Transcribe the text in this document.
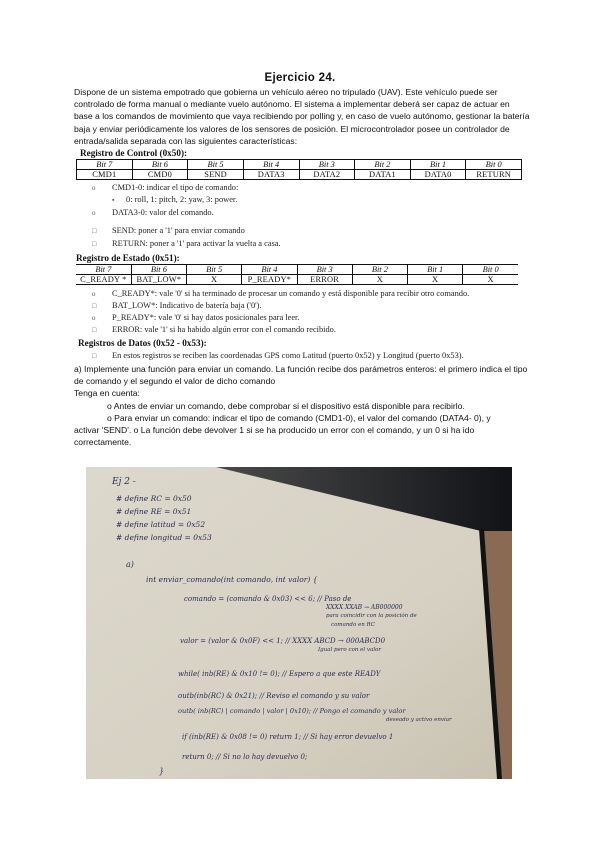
Ejercicio 24.
Dispone de un sistema empotrado que gobierna un vehículo aéreo no tripulado (UAV). Este vehículo puede ser controlado de forma manual o mediante vuelo autónomo. El sistema a implementar deberá ser capaz de actuar en base a los comandos de movimiento que vaya recibiendo por polling y, en caso de vuelo autónomo, gestionar la batería baja y enviar periódicamente los valores de los sensores de posición. El microcontrolador posee un controlador de entrada/salida separada con las siguientes características:
Registro de Control (0x50):
Bit 7	Bit 6	Bit 5	Bit 4	Bit 3	Bit 2	Bit 1	Bit 0
CMD1	CMD0	SEND	DATA3	DATA2	DATA1	DATA0	RETURN
o CMD1-0: indicar el tipo de comando:
▪ 0: roll, 1: pitch, 2: yaw, 3: power.
o DATA3-0: valor del comando.
□ SEND: poner a '1' para enviar comando
□ RETURN: poner a '1' para activar la vuelta a casa.
Registro de Estado (0x51):
Bit 7	Bit 6	Bit 5	Bit 4	Bit 3	Bit 2	Bit 1	Bit 0
C_READY *	BAT_LOW*	X	P_READY*	ERROR	X	X	X
o C_READY*: vale '0' si ha terminado de procesar un comando y está disponible para recibir otro comando.
□ BAT_LOW*: Indicativo de batería baja ('0').
o P_READY*: vale '0' si hay datos posicionales para leer.
□ ERROR: vale '1' si ha habido algún error con el comando recibido.
Registros de Datos (0x52 - 0x53):
□ En estos registros se reciben las coordenadas GPS como Latitud (puerto 0x52) y Longitud (puerto 0x53).
a) Implemente una función para enviar un comando. La función recibe dos parámetros enteros: el primero indica el tipo de comando y el segundo el valor de dicho comando
Tenga en cuenta:
o Antes de enviar un comando, debe comprobar si el dispositivo está disponible para recibirlo.
o Para enviar un comando: indicar el tipo de comando (CMD1-0), el valor del comando (DATA4- 0), y
activar 'SEND'. o La función debe devolver 1 si se ha producido un error con el comando, y un 0 si ha ido
correctamente.
Ej 2 -
# define RC = 0x50
# define RE = 0x51
# define latitud = 0x52
# define longitud = 0x53
a)
int enviar_comando(int comando, int valor) {
comando = (comando & 0x03) << 6; // Paso de
XXXX XXAB → AB000000
para coincidir con la posición de
comando en RC
valor = (valor & 0x0F) << 1; // XXXX ABCD → 000ABCD0
Igual pero con el valor
while( inb(RE) & 0x10 != 0); // Espero a que este READY
outb(inb(RC) & 0x21); // Reviso el comando y su valor
outb( inb(RC) | comando | valor | 0x10); // Pongo el comando y valor
deseado y activo enviar
if (inb(RE) & 0x08 != 0) return 1; // Si hay error devuelvo 1
return 0; // Si no lo hay devuelvo 0;
}
